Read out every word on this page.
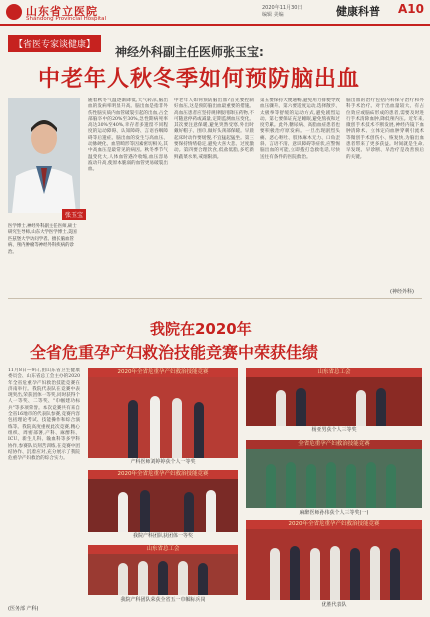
山东省立医院
Shandong Provincial Hospital
2020年11月30日
编辑 美编	健康科普 A10
【省医专家谈健康】	神经外科副主任医师张玉宝:
中老年人秋冬季如何预防脑出血
张玉宝
医学博士,神经外科副主任医师,硕士研究生导师,山东大学医学博士,美国匹兹堡大学访问学者。擅长脑血管病、颅内肿瘤等神经外科疾病的诊治。
随着秋冬气温逐渐降低,天气转凉,脑出血的发病率明显升高。脑出血是指非外伤性脑实质内血管破裂引起的出血,占全部脑卒中的20%至30%,急性期病死率高达30%至40%,幸存者多遗留不同程度的运动障碍、认知障碍、言语吞咽障碍等后遗症。脑出血的发生与高血压、动脉硬化、血管畸形等因素密切相关,其中高血压是最常见的病因。秋冬季节气温变化大,人体血管遇冷收缩,血压容易波动升高,使原本脆弱的血管更易破裂出血。
中老年人如何预防脑出血?首先要控制好血压,这是预防脑出血最重要的措施。高血压患者应坚持规律服用降压药物,不可随意停药或减量,定期监测血压变化。其次要注意保暖,避免突然受寒,外出时戴好帽子、围巾,做好头颈部保暖。早晨起床时动作要缓慢,不宜猛起猛坐。第三要保持情绪稳定,避免大喜大悲、过度激动。第四要合理饮食,低盐低脂,多吃新鲜蔬菜水果,戒烟限酒。
第五要保持大便通畅,避免用力排便导致血压骤升。第六要适度运动,选择散步、太极拳等舒缓的运动方式,避免剧烈运动。第七要保证充足睡眠,避免熬夜和过度劳累。此外,糖尿病、高脂血症患者也要积极治疗原发病。一旦出现剧烈头痛、恶心呕吐、肢体麻木无力、口角歪斜、言语不清、意识障碍等症状,应警惕脑出血的可能,立即拨打急救电话,尽快送往有条件的医院救治。
脑出血的治疗包括内科保守治疗和外科手术治疗。对于出血量较大、有占位效应或脑疝形成的患者,需要及时进行手术清除血肿,降低颅内压。近年来,微创手术技术不断发展,神经内镜下血肿清除术、立体定向血肿穿刺引流术等微创手术创伤小、恢复快,为脑出血患者带来了更多获益。时间就是生命,早发现、早诊断、早治疗是改善预后的关键。
(神经外科)
我院在2020年
全省危重孕产妇救治技能竞赛中荣获佳绩
11月8日—9日,由山东省卫生健康委员会、山东省总工会主办的2020年全省危重孕产妇救治技能竞赛在济南举行。我院代表队在竞赛中表现突出,荣获团体一等奖,同时获得个人一等奖、二等奖、"巾帼建功标兵"等多项荣誉。本次竞赛共有来自全省16地市的代表队参赛,竞赛内容包括理论考试、技能操作和综合演练等。我院高度重视此次竞赛,精心组织、周密部署,产科、麻醉科、ICU、新生儿科、输血科等多学科协作,参赛队员刻苦训练,在竞赛中团结协作、沉着应对,充分展示了我院危重孕产妇救治的综合实力。
(医务部 产科)
2020年全省危重孕产妇救治技能竞赛
产科医师刘婷婷获个人一等奖
山东省总工会
杨亚男获个人三等奖
全省危重孕产妇救治技能竞赛
麻醉医师孙伟获个人三等奖(一)
2020年全省危重孕产妇救治技能竞赛
我院产科团队获团体一等奖
山东省总工会
我院产科团队荣获全省五一巾帼标兵岗
2020年全省危重孕产妇救治技能竞赛
优胜代表队
